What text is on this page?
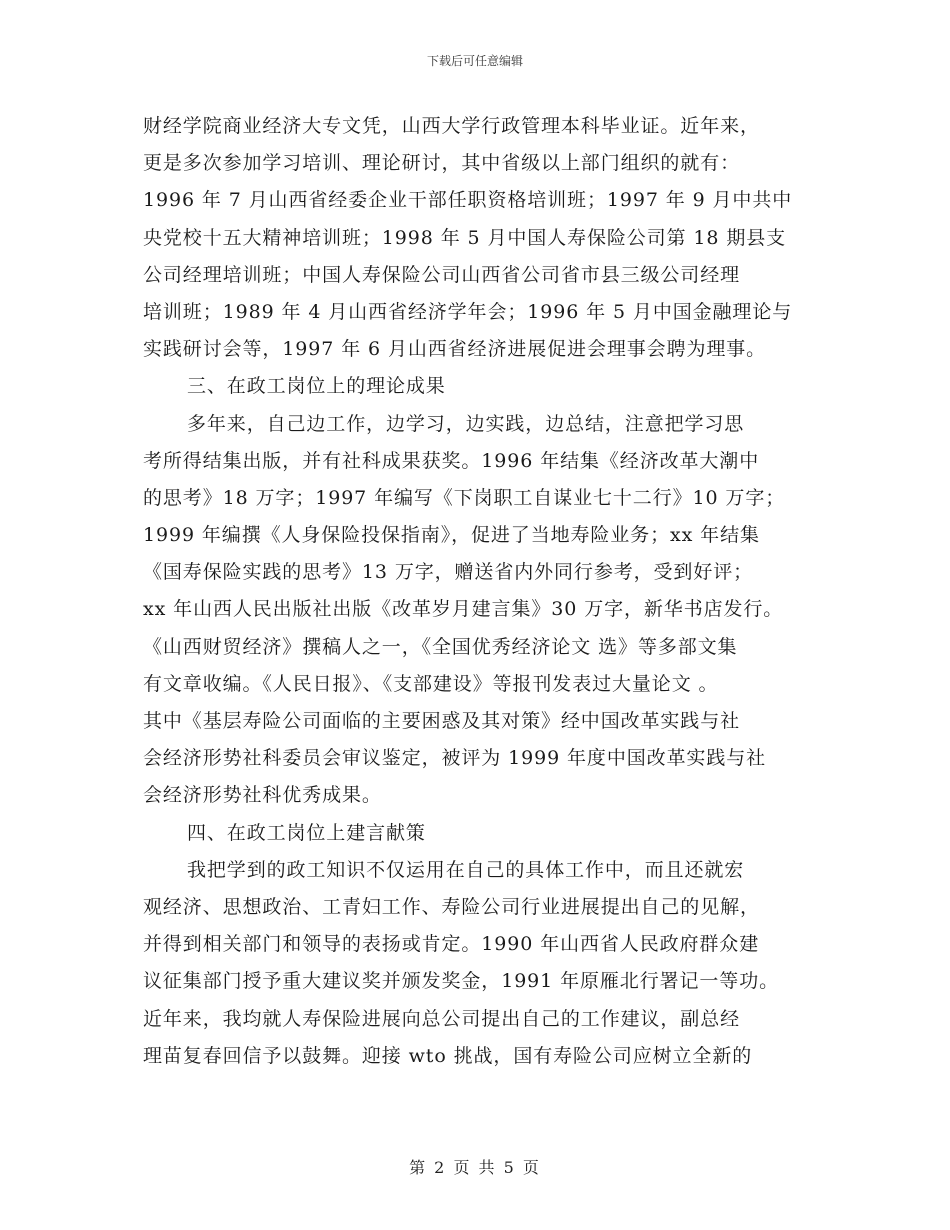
下载后可任意编辑
财经学院商业经济大专文凭，山西大学行政管理本科毕业证。近年来，
更是多次参加学习培训、理论研讨，其中省级以上部门组织的就有：
1996 年 7 月山西省经委企业干部任职资格培训班；1997 年 9 月中共中
央党校十五大精神培训班；1998 年 5 月中国人寿保险公司第 18 期县支
公司经理培训班；中国人寿保险公司山西省公司省市县三级公司经理
培训班；1989 年 4 月山西省经济学年会；1996 年 5 月中国金融理论与
实践研讨会等，1997 年 6 月山西省经济进展促进会理事会聘为理事。
三、在政工岗位上的理论成果
多年来，自己边工作，边学习，边实践，边总结，注意把学习思
考所得结集出版，并有社科成果获奖。1996 年结集《经济改革大潮中
的思考》18 万字；1997 年编写《下岗职工自谋业七十二行》10 万字；
1999 年编撰《人身保险投保指南》，促进了当地寿险业务；xx 年结集
《国寿保险实践的思考》13 万字，赠送省内外同行参考，受到好评；
xx 年山西人民出版社出版《改革岁月建言集》30 万字，新华书店发行。
《山西财贸经济》撰稿人之一，《全国优秀经济论文 选》等多部文集
有文章收编。《人民日报》、《支部建设》等报刊发表过大量论文 。
其中《基层寿险公司面临的主要困惑及其对策》经中国改革实践与社
会经济形势社科委员会审议鉴定，被评为 1999 年度中国改革实践与社
会经济形势社科优秀成果。
四、在政工岗位上建言献策
我把学到的政工知识不仅运用在自己的具体工作中，而且还就宏
观经济、思想政治、工青妇工作、寿险公司行业进展提出自己的见解，
并得到相关部门和领导的表扬或肯定。1990 年山西省人民政府群众建
议征集部门授予重大建议奖并颁发奖金，1991 年原雁北行署记一等功。
近年来，我均就人寿保险进展向总公司提出自己的工作建议，副总经
理苗复春回信予以鼓舞。迎接 wto 挑战，国有寿险公司应树立全新的
第 2 页 共 5 页
